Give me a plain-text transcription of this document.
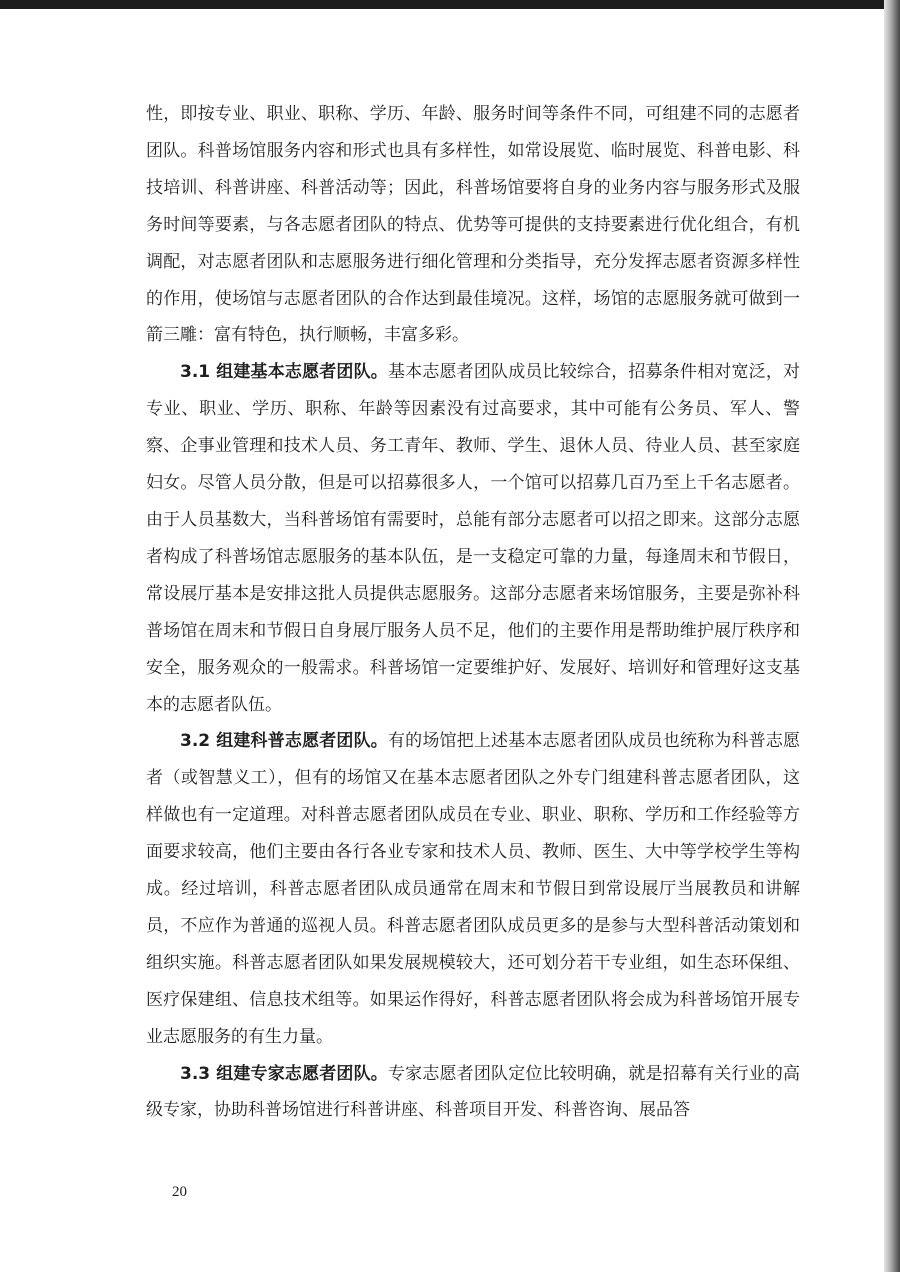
性，即按专业、职业、职称、学历、年龄、服务时间等条件不同，可组建不同的志愿者团队。科普场馆服务内容和形式也具有多样性，如常设展览、临时展览、科普电影、科技培训、科普讲座、科普活动等；因此，科普场馆要将自身的业务内容与服务形式及服务时间等要素，与各志愿者团队的特点、优势等可提供的支持要素进行优化组合，有机调配，对志愿者团队和志愿服务进行细化管理和分类指导，充分发挥志愿者资源多样性的作用，使场馆与志愿者团队的合作达到最佳境况。这样，场馆的志愿服务就可做到一箭三雕：富有特色，执行顺畅，丰富多彩。

3.1 组建基本志愿者团队。基本志愿者团队成员比较综合，招募条件相对宽泛，对专业、职业、学历、职称、年龄等因素没有过高要求，其中可能有公务员、军人、警察、企事业管理和技术人员、务工青年、教师、学生、退休人员、待业人员、甚至家庭妇女。尽管人员分散，但是可以招募很多人，一个馆可以招募几百乃至上千名志愿者。由于人员基数大，当科普场馆有需要时，总能有部分志愿者可以招之即来。这部分志愿者构成了科普场馆志愿服务的基本队伍，是一支稳定可靠的力量，每逢周末和节假日，常设展厅基本是安排这批人员提供志愿服务。这部分志愿者来场馆服务，主要是弥补科普场馆在周末和节假日自身展厅服务人员不足，他们的主要作用是帮助维护展厅秩序和安全，服务观众的一般需求。科普场馆一定要维护好、发展好、培训好和管理好这支基本的志愿者队伍。

3.2 组建科普志愿者团队。有的场馆把上述基本志愿者团队成员也统称为科普志愿者（或智慧义工），但有的场馆又在基本志愿者团队之外专门组建科普志愿者团队，这样做也有一定道理。对科普志愿者团队成员在专业、职业、职称、学历和工作经验等方面要求较高，他们主要由各行各业专家和技术人员、教师、医生、大中等学校学生等构成。经过培训，科普志愿者团队成员通常在周末和节假日到常设展厅当展教员和讲解员，不应作为普通的巡视人员。科普志愿者团队成员更多的是参与大型科普活动策划和组织实施。科普志愿者团队如果发展规模较大，还可划分若干专业组，如生态环保组、医疗保建组、信息技术组等。如果运作得好，科普志愿者团队将会成为科普场馆开展专业志愿服务的有生力量。

3.3 组建专家志愿者团队。专家志愿者团队定位比较明确，就是招幕有关行业的高级专家，协助科普场馆进行科普讲座、科普项目开发、科普咨询、展品答

20
